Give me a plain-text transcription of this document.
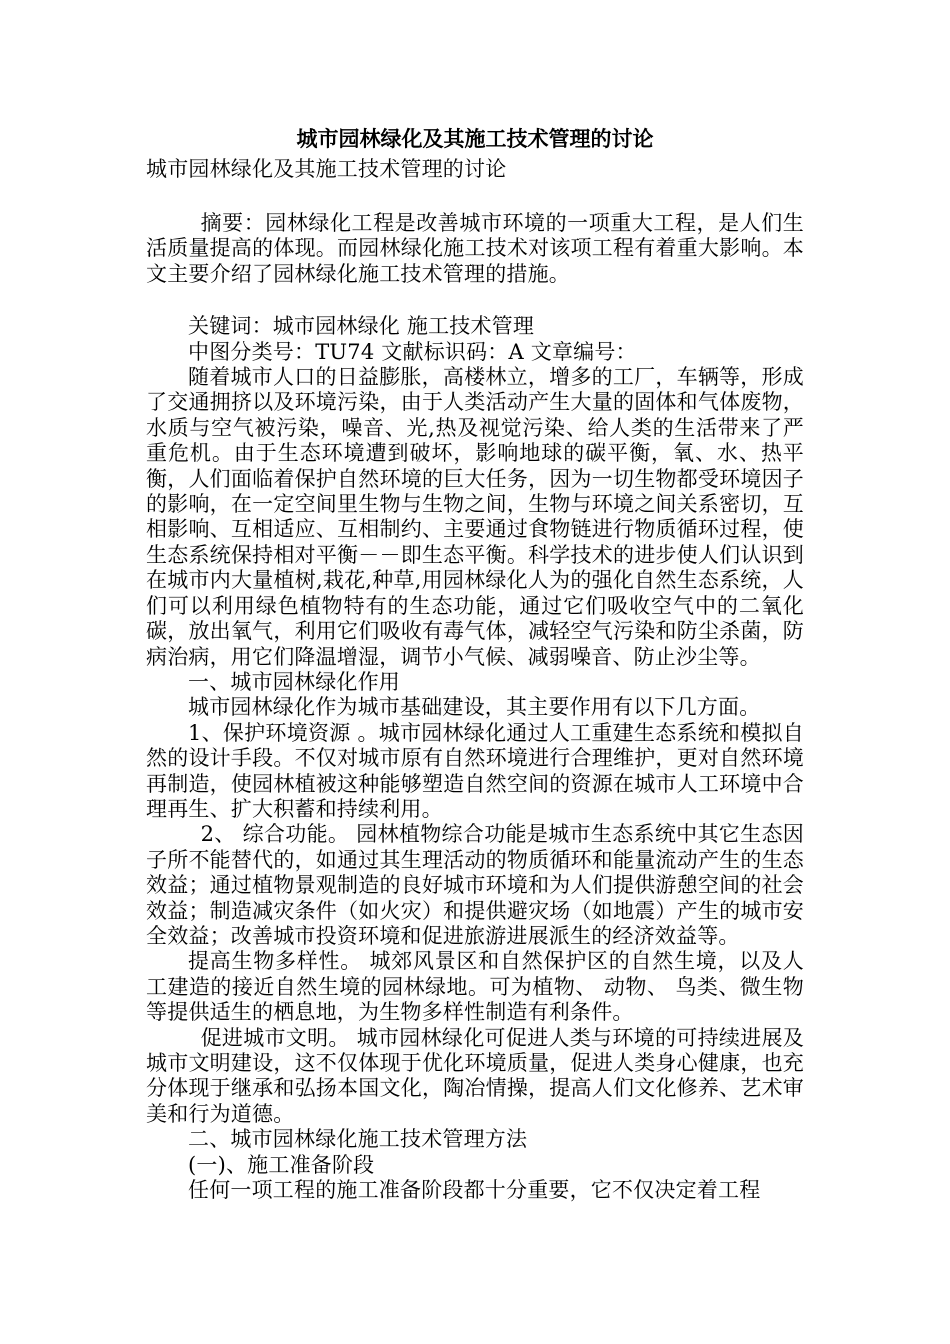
城市园林绿化及其施工技术管理的讨论

城市园林绿化及其施工技术管理的讨论

摘要：园林绿化工程是改善城市环境的一项重大工程，是人们生活质量提高的体现。而园林绿化施工技术对该项工程有着重大影响。本文主要介绍了园林绿化施工技术管理的措施。

关键词：城市园林绿化 施工技术管理

中图分类号：TU74 文献标识码：A 文章编号：

随着城市人口的日益膨胀，高楼林立，增多的工厂，车辆等，形成了交通拥挤以及环境污染，由于人类活动产生大量的固体和气体废物，水质与空气被污染，噪音、光,热及视觉污染、给人类的生活带来了严重危机。由于生态环境遭到破坏，影响地球的碳平衡，氧、水、热平衡，人们面临着保护自然环境的巨大任务，因为一切生物都受环境因子的影响，在一定空间里生物与生物之间，生物与环境之间关系密切，互相影响、互相适应、互相制约、主要通过食物链进行物质循环过程，使生态系统保持相对平衡－－即生态平衡。科学技术的进步使人们认识到在城市内大量植树,栽花,种草,用园林绿化人为的强化自然生态系统，人们可以利用绿色植物特有的生态功能，通过它们吸收空气中的二氧化碳，放出氧气，利用它们吸收有毒气体，减轻空气污染和防尘杀菌，防病治病，用它们降温增湿，调节小气候、减弱噪音、防止沙尘等。

一、城市园林绿化作用

城市园林绿化作为城市基础建设，其主要作用有以下几方面。

1、保护环境资源 。城市园林绿化通过人工重建生态系统和模拟自然的设计手段。不仅对城市原有自然环境进行合理维护，更对自然环境再制造，使园林植被这种能够塑造自然空间的资源在城市人工环境中合理再生、扩大积蓄和持续利用。

2、 综合功能。 园林植物综合功能是城市生态系统中其它生态因子所不能替代的，如通过其生理活动的物质循环和能量流动产生的生态效益；通过植物景观制造的良好城市环境和为人们提供游憩空间的社会效益；制造减灾条件（如火灾）和提供避灾场（如地震）产生的城市安全效益；改善城市投资环境和促进旅游进展派生的经济效益等。

提高生物多样性。 城郊风景区和自然保护区的自然生境，以及人工建造的接近自然生境的园林绿地。可为植物、 动物、 鸟类、微生物等提供适生的栖息地，为生物多样性制造有利条件。

促进城市文明。 城市园林绿化可促进人类与环境的可持续进展及城市文明建设，这不仅体现于优化环境质量，促进人类身心健康，也充分体现于继承和弘扬本国文化，陶冶情操，提高人们文化修养、艺术审美和行为道德。

二、城市园林绿化施工技术管理方法

(一)、施工准备阶段

任何一项工程的施工准备阶段都十分重要，它不仅决定着工程
